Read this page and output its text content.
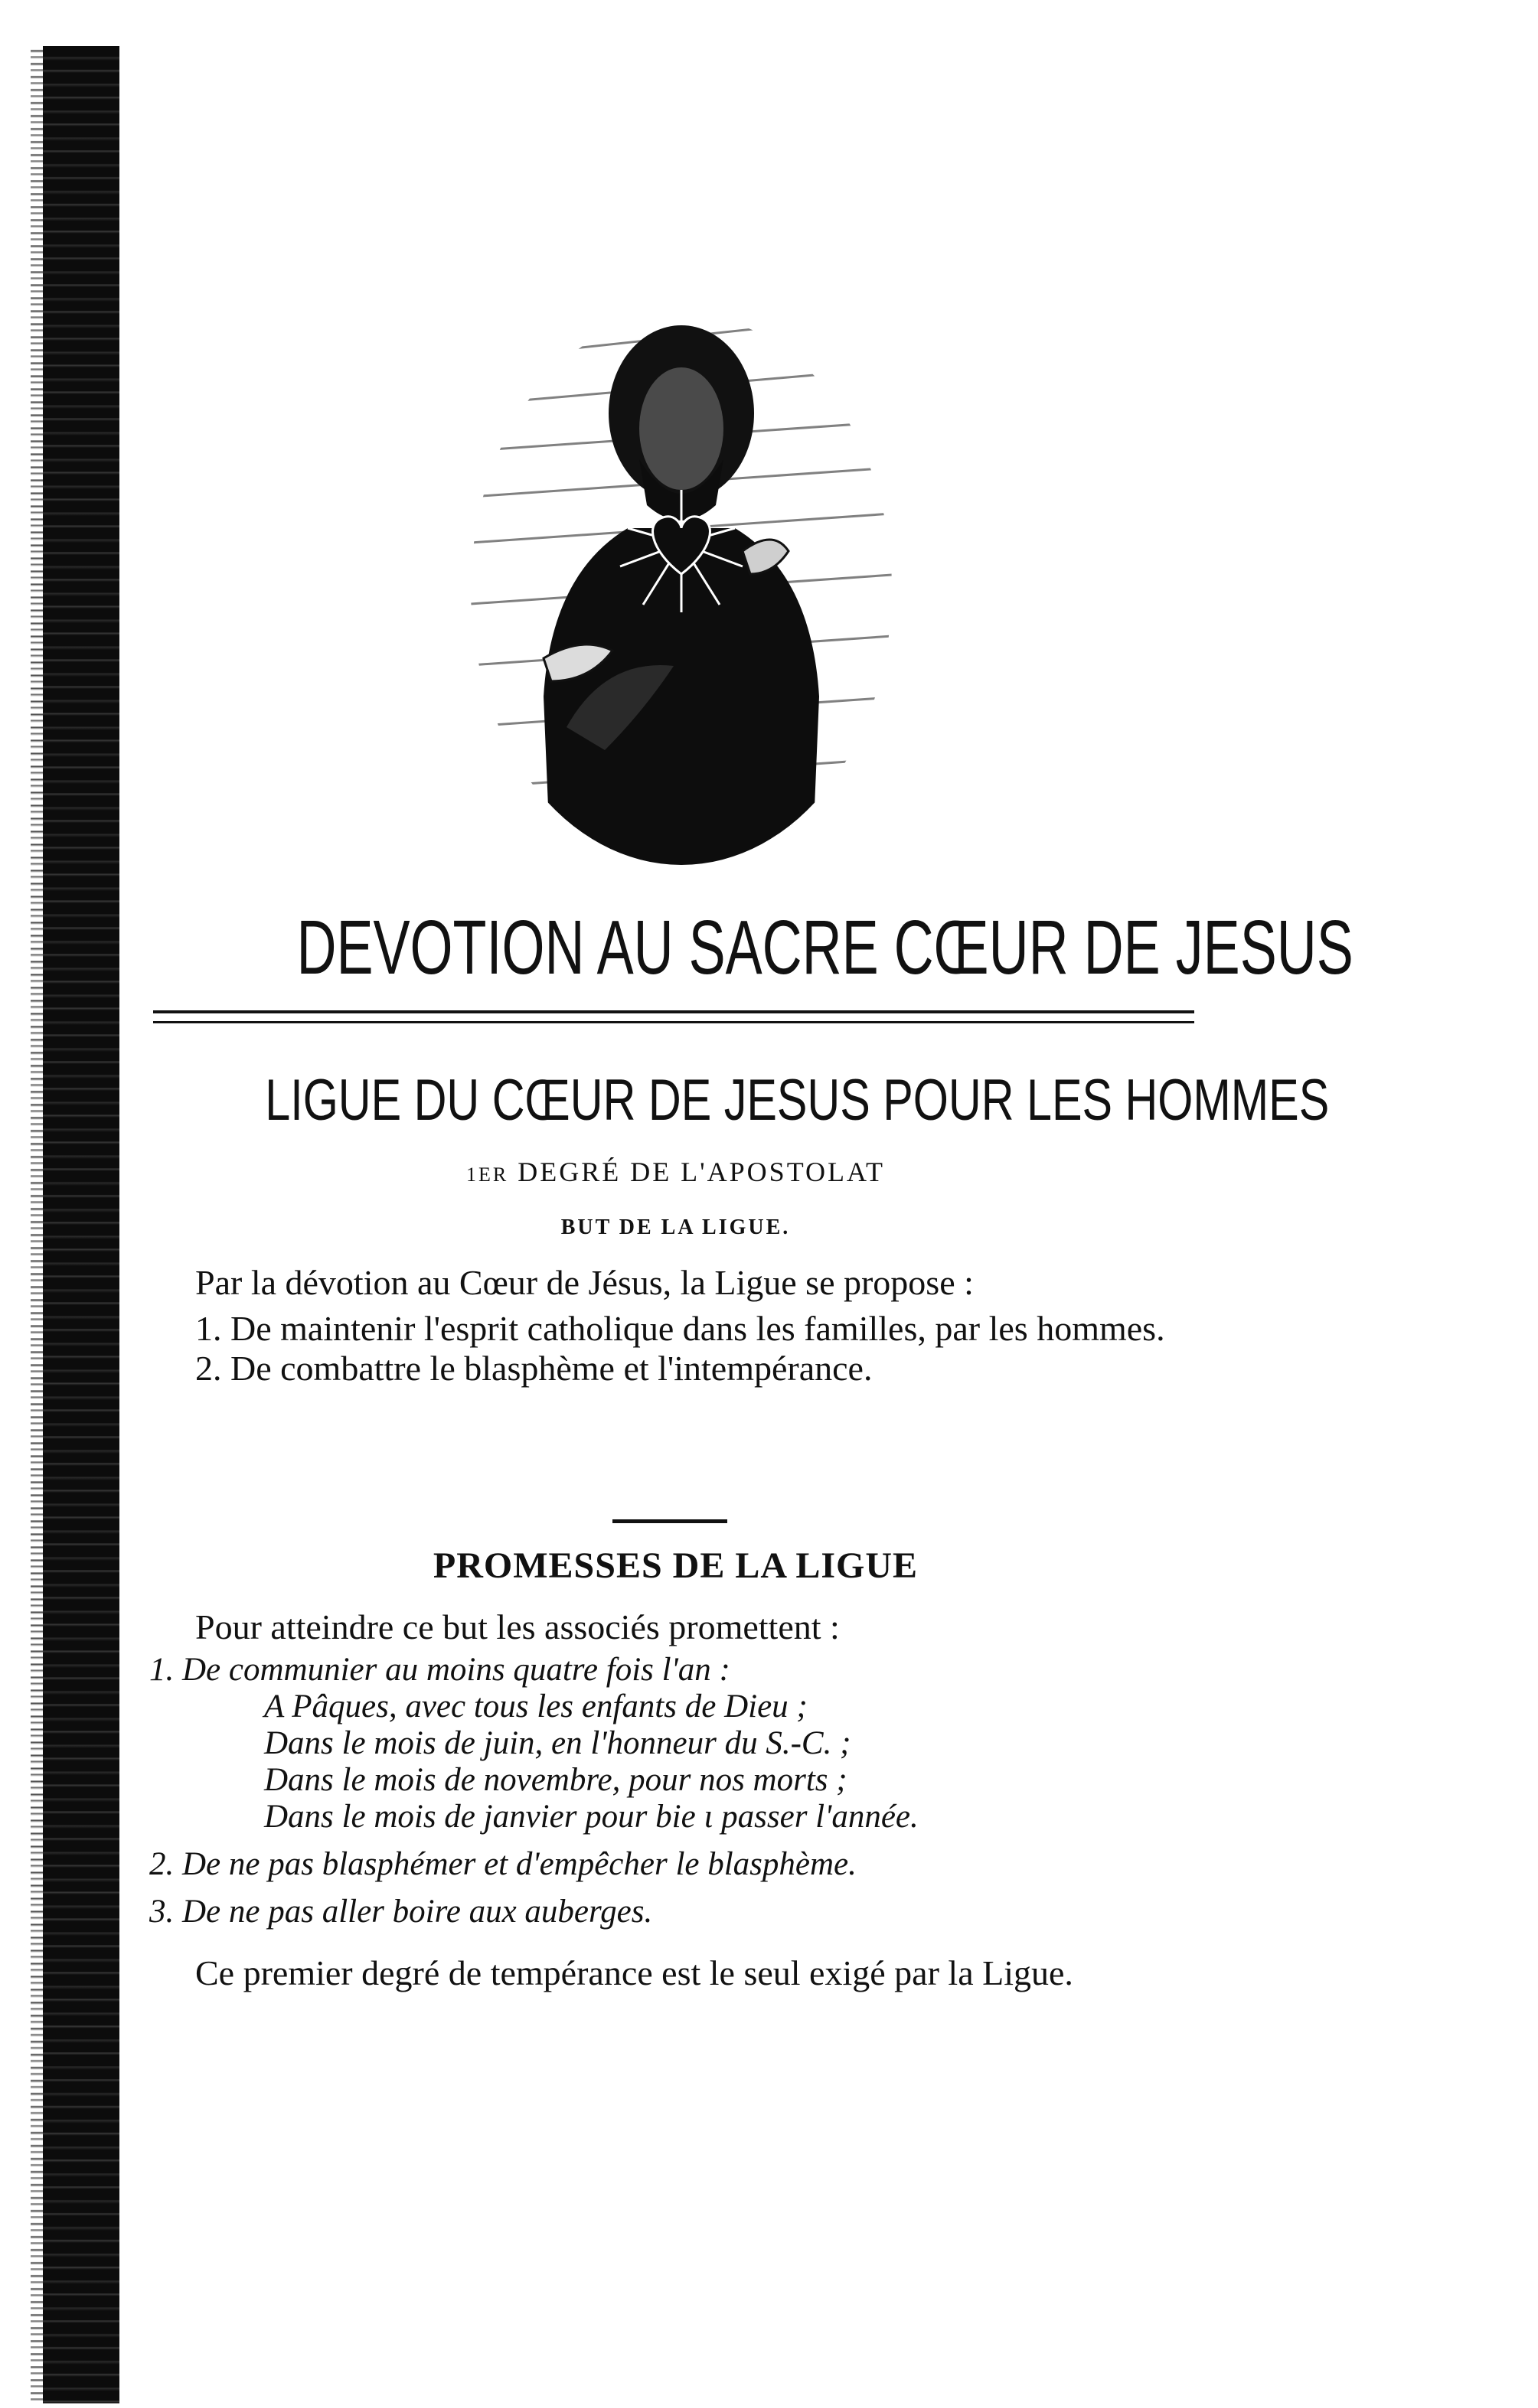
DEVOTION AU SACRE CŒUR DE JESUS
LIGUE DU CŒUR DE JESUS POUR LES HOMMES
1ER DEGRÉ DE L'APOSTOLAT
BUT DE LA LIGUE.

Par la dévotion au Cœur de Jésus, la Ligue se propose :

1. De maintenir l'esprit catholique dans les familles, par les hommes.

2. De combattre le blasphème et l'intempérance.

PROMESSES DE LA LIGUE

Pour atteindre ce but les associés promettent :

1. De communier au moins quatre fois l'an :

A Pâques, avec tous les enfants de Dieu ;
Dans le mois de juin, en l'honneur du S.-C. ;
Dans le mois de novembre, pour nos morts ;
Dans le mois de janvier pour bie ι passer l'année.

2. De ne pas blasphémer et d'empêcher le blasphème.

3. De ne pas aller boire aux auberges.

Ce premier degré de tempérance est le seul exigé par la Ligue.
